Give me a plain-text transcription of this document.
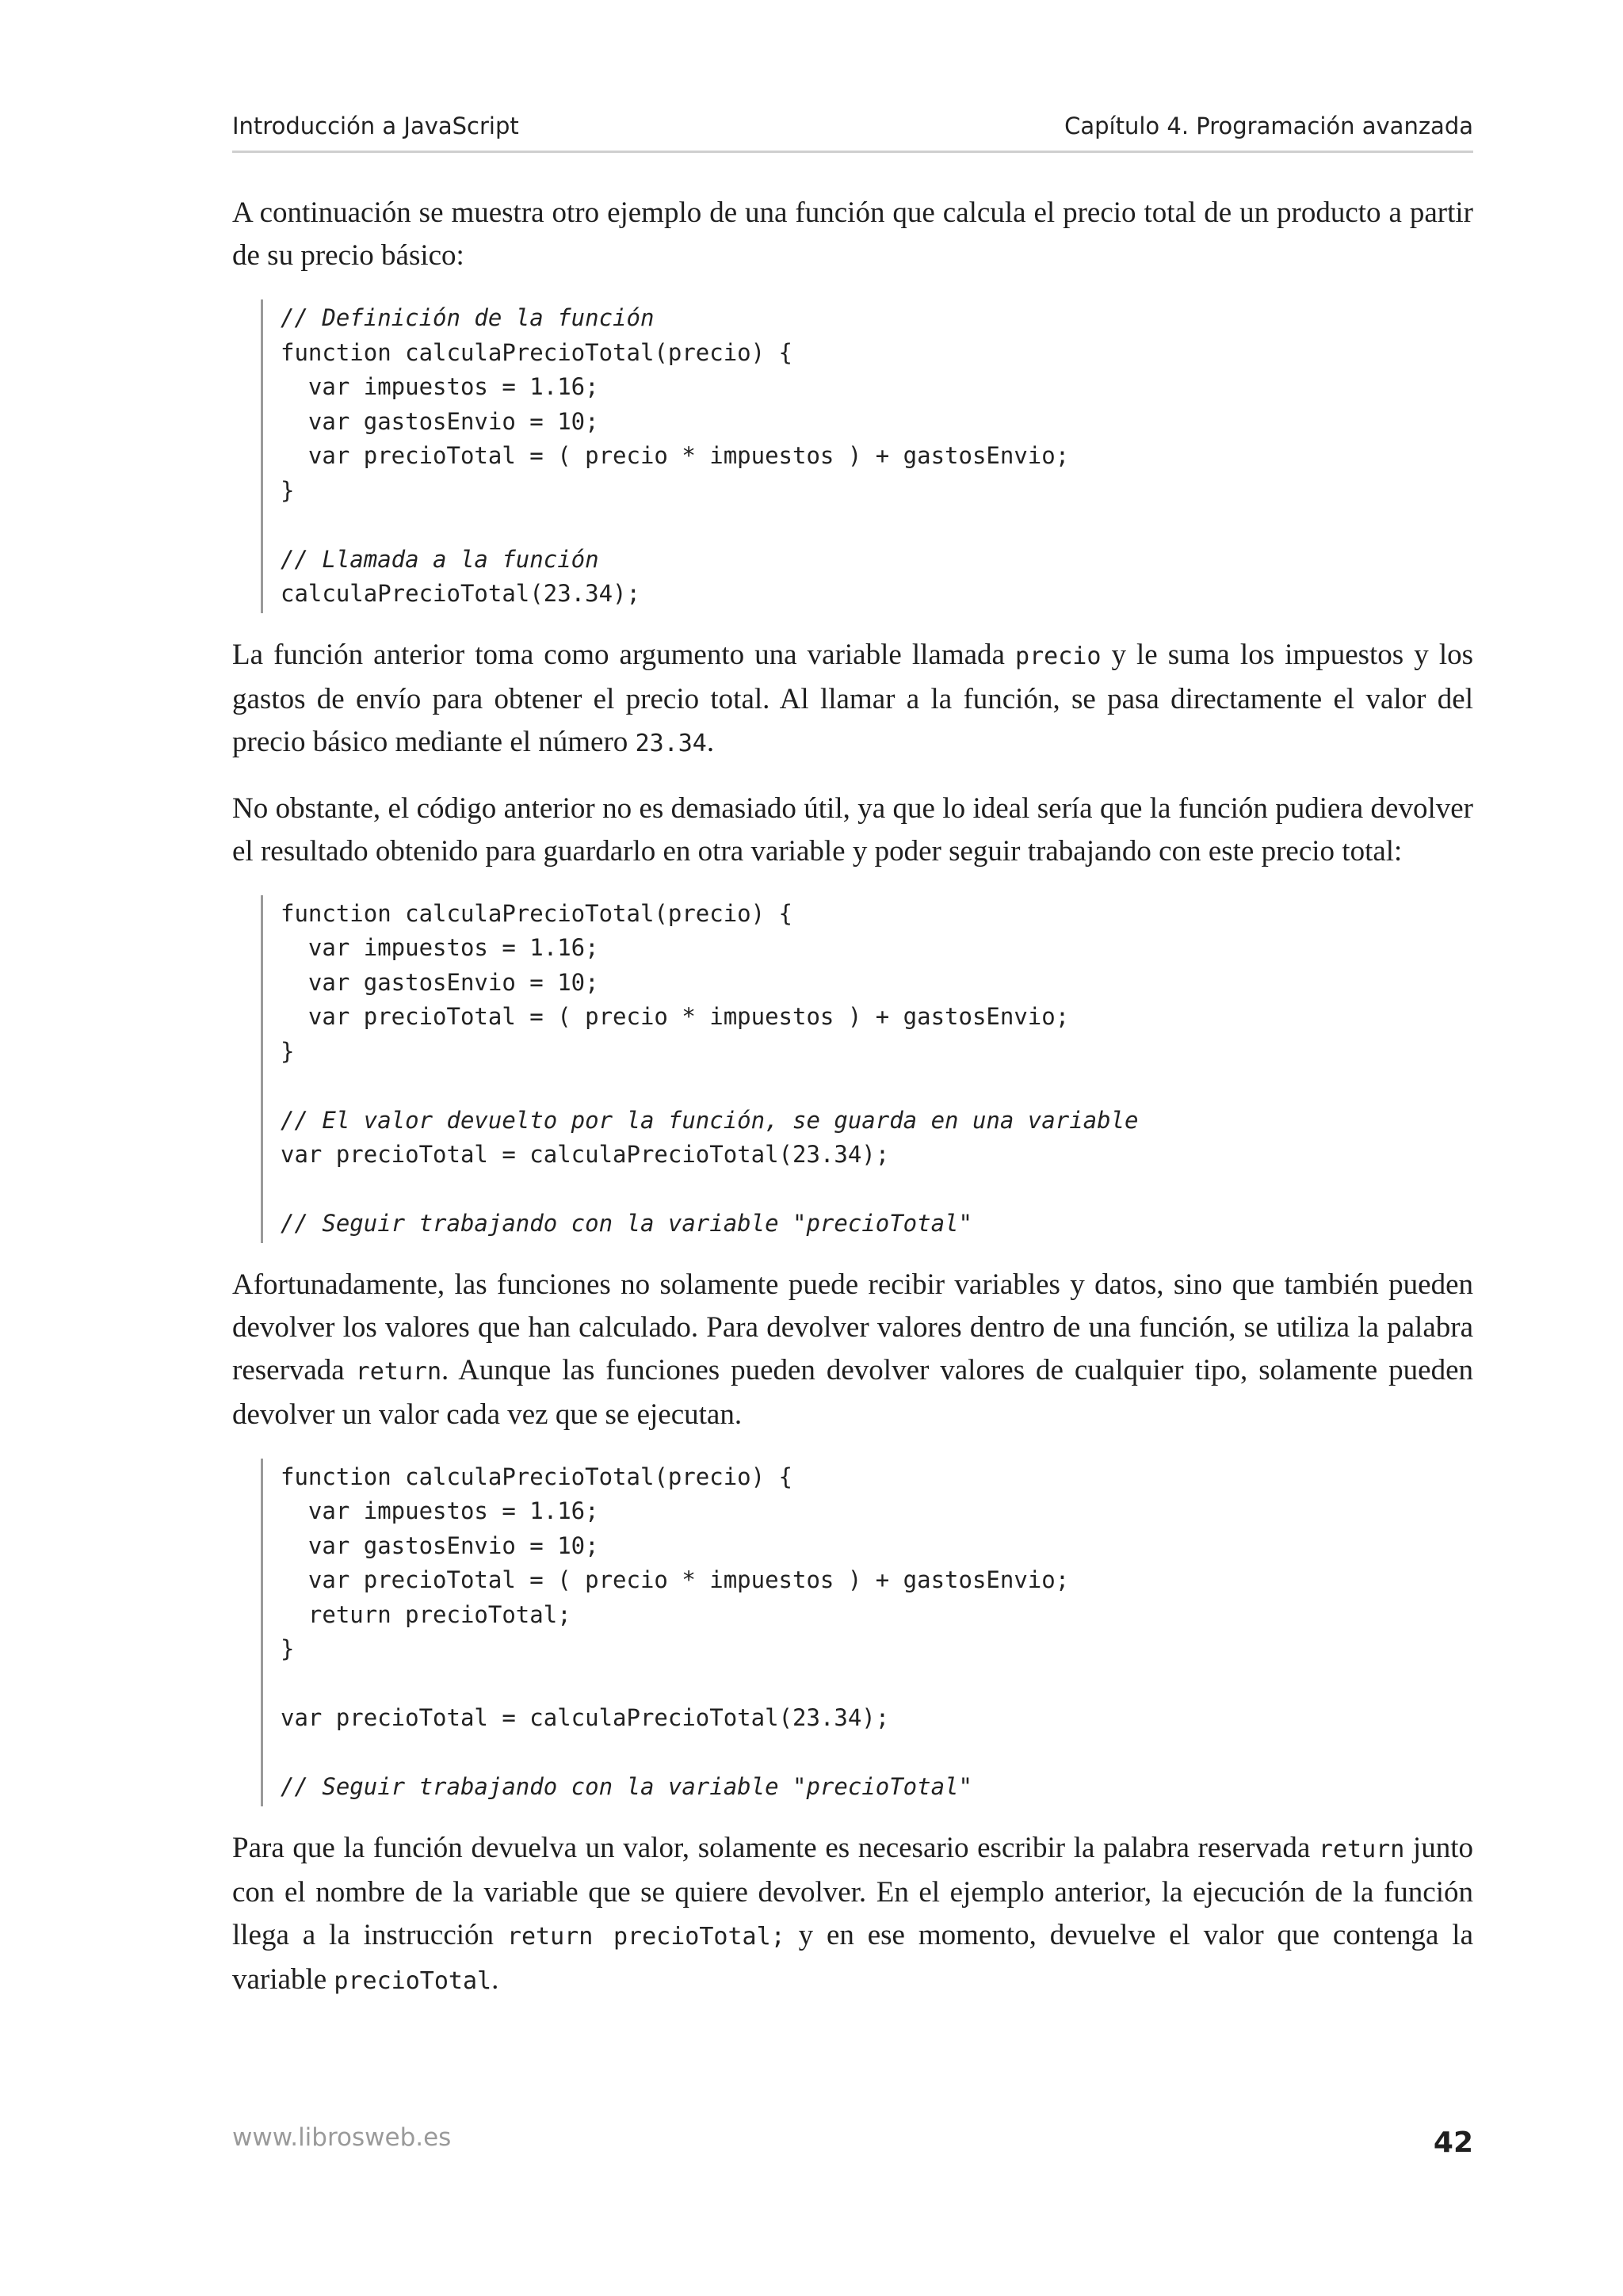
Introducción a JavaScript	Capítulo 4. Programación avanzada

A continuación se muestra otro ejemplo de una función que calcula el precio total de un producto a partir de su precio básico:

// Definición de la función
function calculaPrecioTotal(precio) {
var impuestos = 1.16;
var gastosEnvio = 10;
var precioTotal = ( precio * impuestos ) + gastosEnvio;
}
// Llamada a la función
calculaPrecioTotal(23.34);

La función anterior toma como argumento una variable llamada precio y le suma los impuestos y los gastos de envío para obtener el precio total. Al llamar a la función, se pasa directamente el valor del precio básico mediante el número 23.34.

No obstante, el código anterior no es demasiado útil, ya que lo ideal sería que la función pudiera devolver el resultado obtenido para guardarlo en otra variable y poder seguir trabajando con este precio total:

function calculaPrecioTotal(precio) {
var impuestos = 1.16;
var gastosEnvio = 10;
var precioTotal = ( precio * impuestos ) + gastosEnvio;
}
// El valor devuelto por la función, se guarda en una variable
var precioTotal = calculaPrecioTotal(23.34);
// Seguir trabajando con la variable "precioTotal"

Afortunadamente, las funciones no solamente puede recibir variables y datos, sino que también pueden devolver los valores que han calculado. Para devolver valores dentro de una función, se utiliza la palabra reservada return. Aunque las funciones pueden devolver valores de cualquier tipo, solamente pueden devolver un valor cada vez que se ejecutan.

function calculaPrecioTotal(precio) {
var impuestos = 1.16;
var gastosEnvio = 10;
var precioTotal = ( precio * impuestos ) + gastosEnvio;
return precioTotal;
}
var precioTotal = calculaPrecioTotal(23.34);
// Seguir trabajando con la variable "precioTotal"

Para que la función devuelva un valor, solamente es necesario escribir la palabra reservada return junto con el nombre de la variable que se quiere devolver. En el ejemplo anterior, la ejecución de la función llega a la instrucción return precioTotal; y en ese momento, devuelve el valor que contenga la variable precioTotal.

www.librosweb.es	42
